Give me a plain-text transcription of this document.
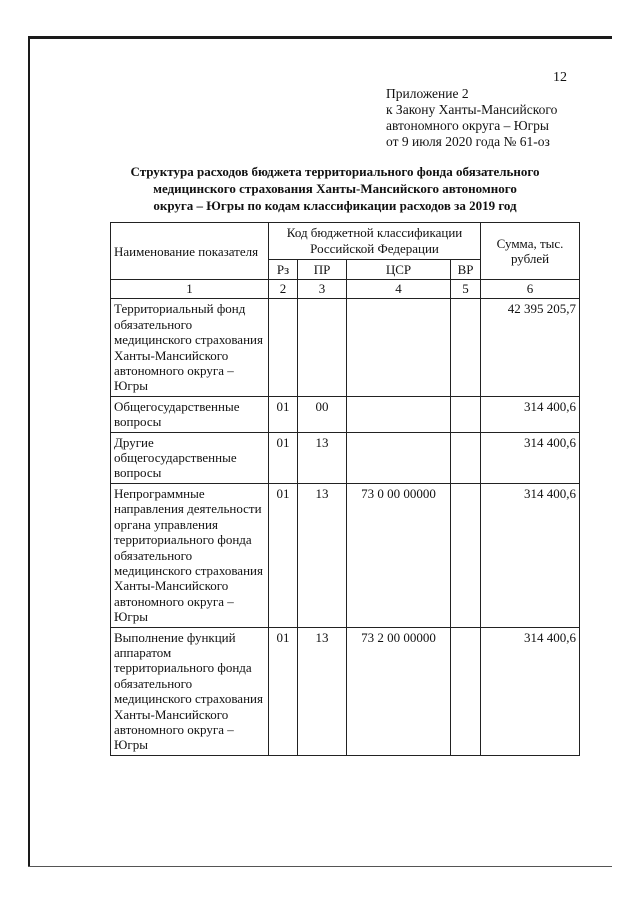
12
Приложение 2
к Закону Ханты-Мансийского
автономного округа – Югры
от 9 июля 2020 года № 61-оз
Структура расходов бюджета территориального фонда обязательного
медицинского страхования Ханты-Мансийского автономного
округа – Югры по кодам классификации расходов за 2019 год
Наименование показателя	Код бюджетной классификации Российской Федерации				Сумма, тыс. рублей
	Рз	ПР	ЦСР	ВР	
1	2	3	4	5	6
Территориальный фонд обязательного медицинского страхования Ханты-Мансийского автономного округа – Югры					42 395 205,7
Общегосударственные вопросы	01	00			314 400,6
Другие общегосударственные вопросы	01	13			314 400,6
Непрограммные направления деятельности органа управления территориального фонда обязательного медицинского страхования Ханты-Мансийского автономного округа – Югры	01	13	73 0 00 00000		314 400,6
Выполнение функций аппаратом территориального фонда обязательного медицинского страхования Ханты-Мансийского автономного округа – Югры	01	13	73 2 00 00000		314 400,6
